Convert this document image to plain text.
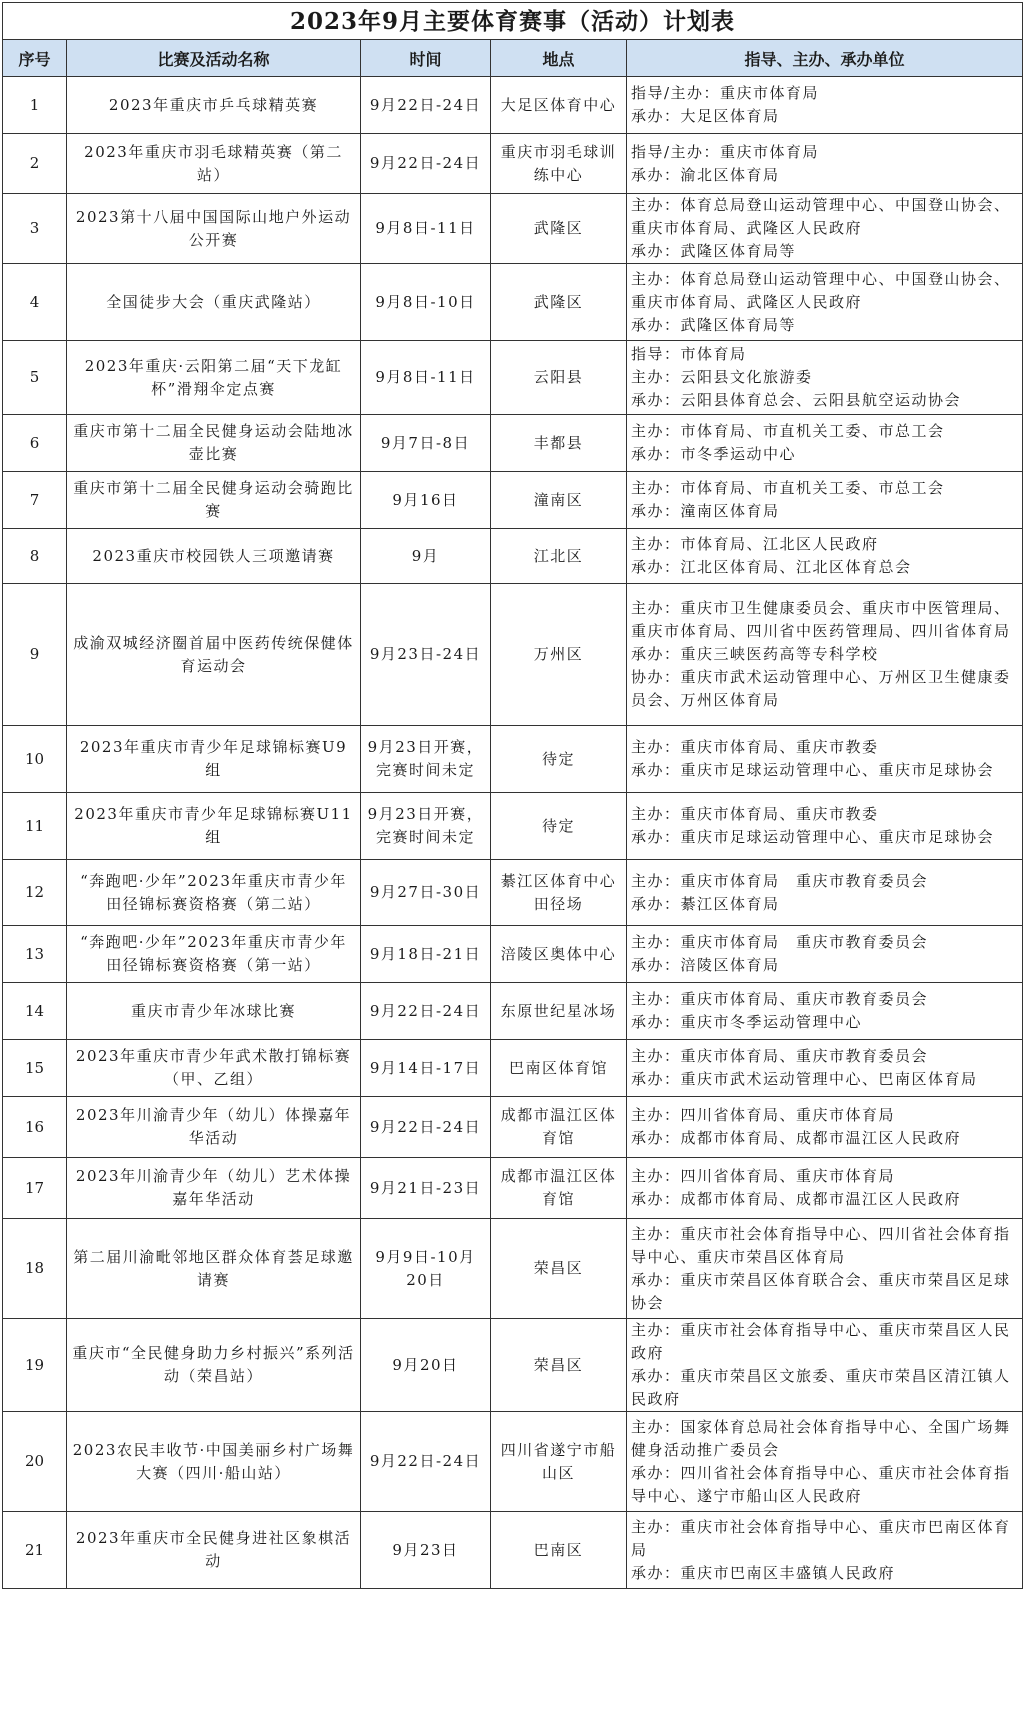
2023年9月主要体育赛事（活动）计划表				
序号	比赛及活动名称	时间	地点	指导、主办、承办单位
1	2023年重庆市乒乓球精英赛	9月22日-24日	大足区体育中心	指导/主办：重庆市体育局
承办：大足区体育局

2	2023年重庆市羽毛球精英赛（第二站）	9月22日-24日	重庆市羽毛球训练中心	指导/主办：重庆市体育局
承办：渝北区体育局

3	2023第十八届中国国际山地户外运动公开赛	9月8日-11日	武隆区	主办：体育总局登山运动管理中心、中国登山协会、重庆市体育局、武隆区人民政府
承办：武隆区体育局等

4	全国徒步大会（重庆武隆站）	9月8日-10日	武隆区	主办：体育总局登山运动管理中心、中国登山协会、重庆市体育局、武隆区人民政府
承办：武隆区体育局等

5	2023年重庆·云阳第二届“天下龙缸杯”滑翔伞定点赛	9月8日-11日	云阳县	指导：市体育局
主办：云阳县文化旅游委
承办：云阳县体育总会、云阳县航空运动协会

6	重庆市第十二届全民健身运动会陆地冰壶比赛	9月7日-8日	丰都县	主办：市体育局、市直机关工委、市总工会
承办：市冬季运动中心

7	重庆市第十二届全民健身运动会骑跑比赛	9月16日	潼南区	主办：市体育局、市直机关工委、市总工会
承办：潼南区体育局

8	2023重庆市校园铁人三项邀请赛	9月	江北区	主办：市体育局、江北区人民政府
承办：江北区体育局、江北区体育总会

9	成渝双城经济圈首届中医药传统保健体育运动会	9月23日-24日	万州区	主办：重庆市卫生健康委员会、重庆市中医管理局、重庆市体育局、四川省中医药管理局、四川省体育局
承办：重庆三峡医药高等专科学校
协办：重庆市武术运动管理中心、万州区卫生健康委员会、万州区体育局

10	2023年重庆市青少年足球锦标赛U9组	9月23日开赛，完赛时间未定	待定	主办：重庆市体育局、重庆市教委
承办：重庆市足球运动管理中心、重庆市足球协会

11	2023年重庆市青少年足球锦标赛U11组	9月23日开赛，完赛时间未定	待定	主办：重庆市体育局、重庆市教委
承办：重庆市足球运动管理中心、重庆市足球协会

12	“奔跑吧·少年”2023年重庆市青少年田径锦标赛资格赛（第二站）	9月27日-30日	綦江区体育中心田径场	主办：重庆市体育局　重庆市教育委员会
承办：綦江区体育局

13	“奔跑吧·少年”2023年重庆市青少年田径锦标赛资格赛（第一站）	9月18日-21日	涪陵区奥体中心	主办：重庆市体育局　重庆市教育委员会
承办：涪陵区体育局

14	重庆市青少年冰球比赛	9月22日-24日	东原世纪星冰场	主办：重庆市体育局、重庆市教育委员会
承办：重庆市冬季运动管理中心

15	2023年重庆市青少年武术散打锦标赛（甲、乙组）	9月14日-17日	巴南区体育馆	主办：重庆市体育局、重庆市教育委员会
承办：重庆市武术运动管理中心、巴南区体育局

16	2023年川渝青少年（幼儿）体操嘉年华活动	9月22日-24日	成都市温江区体育馆	主办：四川省体育局、重庆市体育局
承办：成都市体育局、成都市温江区人民政府

17	2023年川渝青少年（幼儿）艺术体操嘉年华活动	9月21日-23日	成都市温江区体育馆	主办：四川省体育局、重庆市体育局
承办：成都市体育局、成都市温江区人民政府

18	第二届川渝毗邻地区群众体育荟足球邀请赛	9月9日-10月20日	荣昌区	主办：重庆市社会体育指导中心、四川省社会体育指导中心、重庆市荣昌区体育局
承办：重庆市荣昌区体育联合会、重庆市荣昌区足球协会

19	重庆市“全民健身助力乡村振兴”系列活动（荣昌站）	9月20日	荣昌区	主办：重庆市社会体育指导中心、重庆市荣昌区人民政府
承办：重庆市荣昌区文旅委、重庆市荣昌区清江镇人民政府

20	2023农民丰收节·中国美丽乡村广场舞大赛（四川·船山站）	9月22日-24日	四川省遂宁市船山区	主办：国家体育总局社会体育指导中心、全国广场舞健身活动推广委员会
承办：四川省社会体育指导中心、重庆市社会体育指导中心、遂宁市船山区人民政府

21	2023年重庆市全民健身进社区象棋活动	9月23日	巴南区	主办：重庆市社会体育指导中心、重庆市巴南区体育局
承办：重庆市巴南区丰盛镇人民政府
